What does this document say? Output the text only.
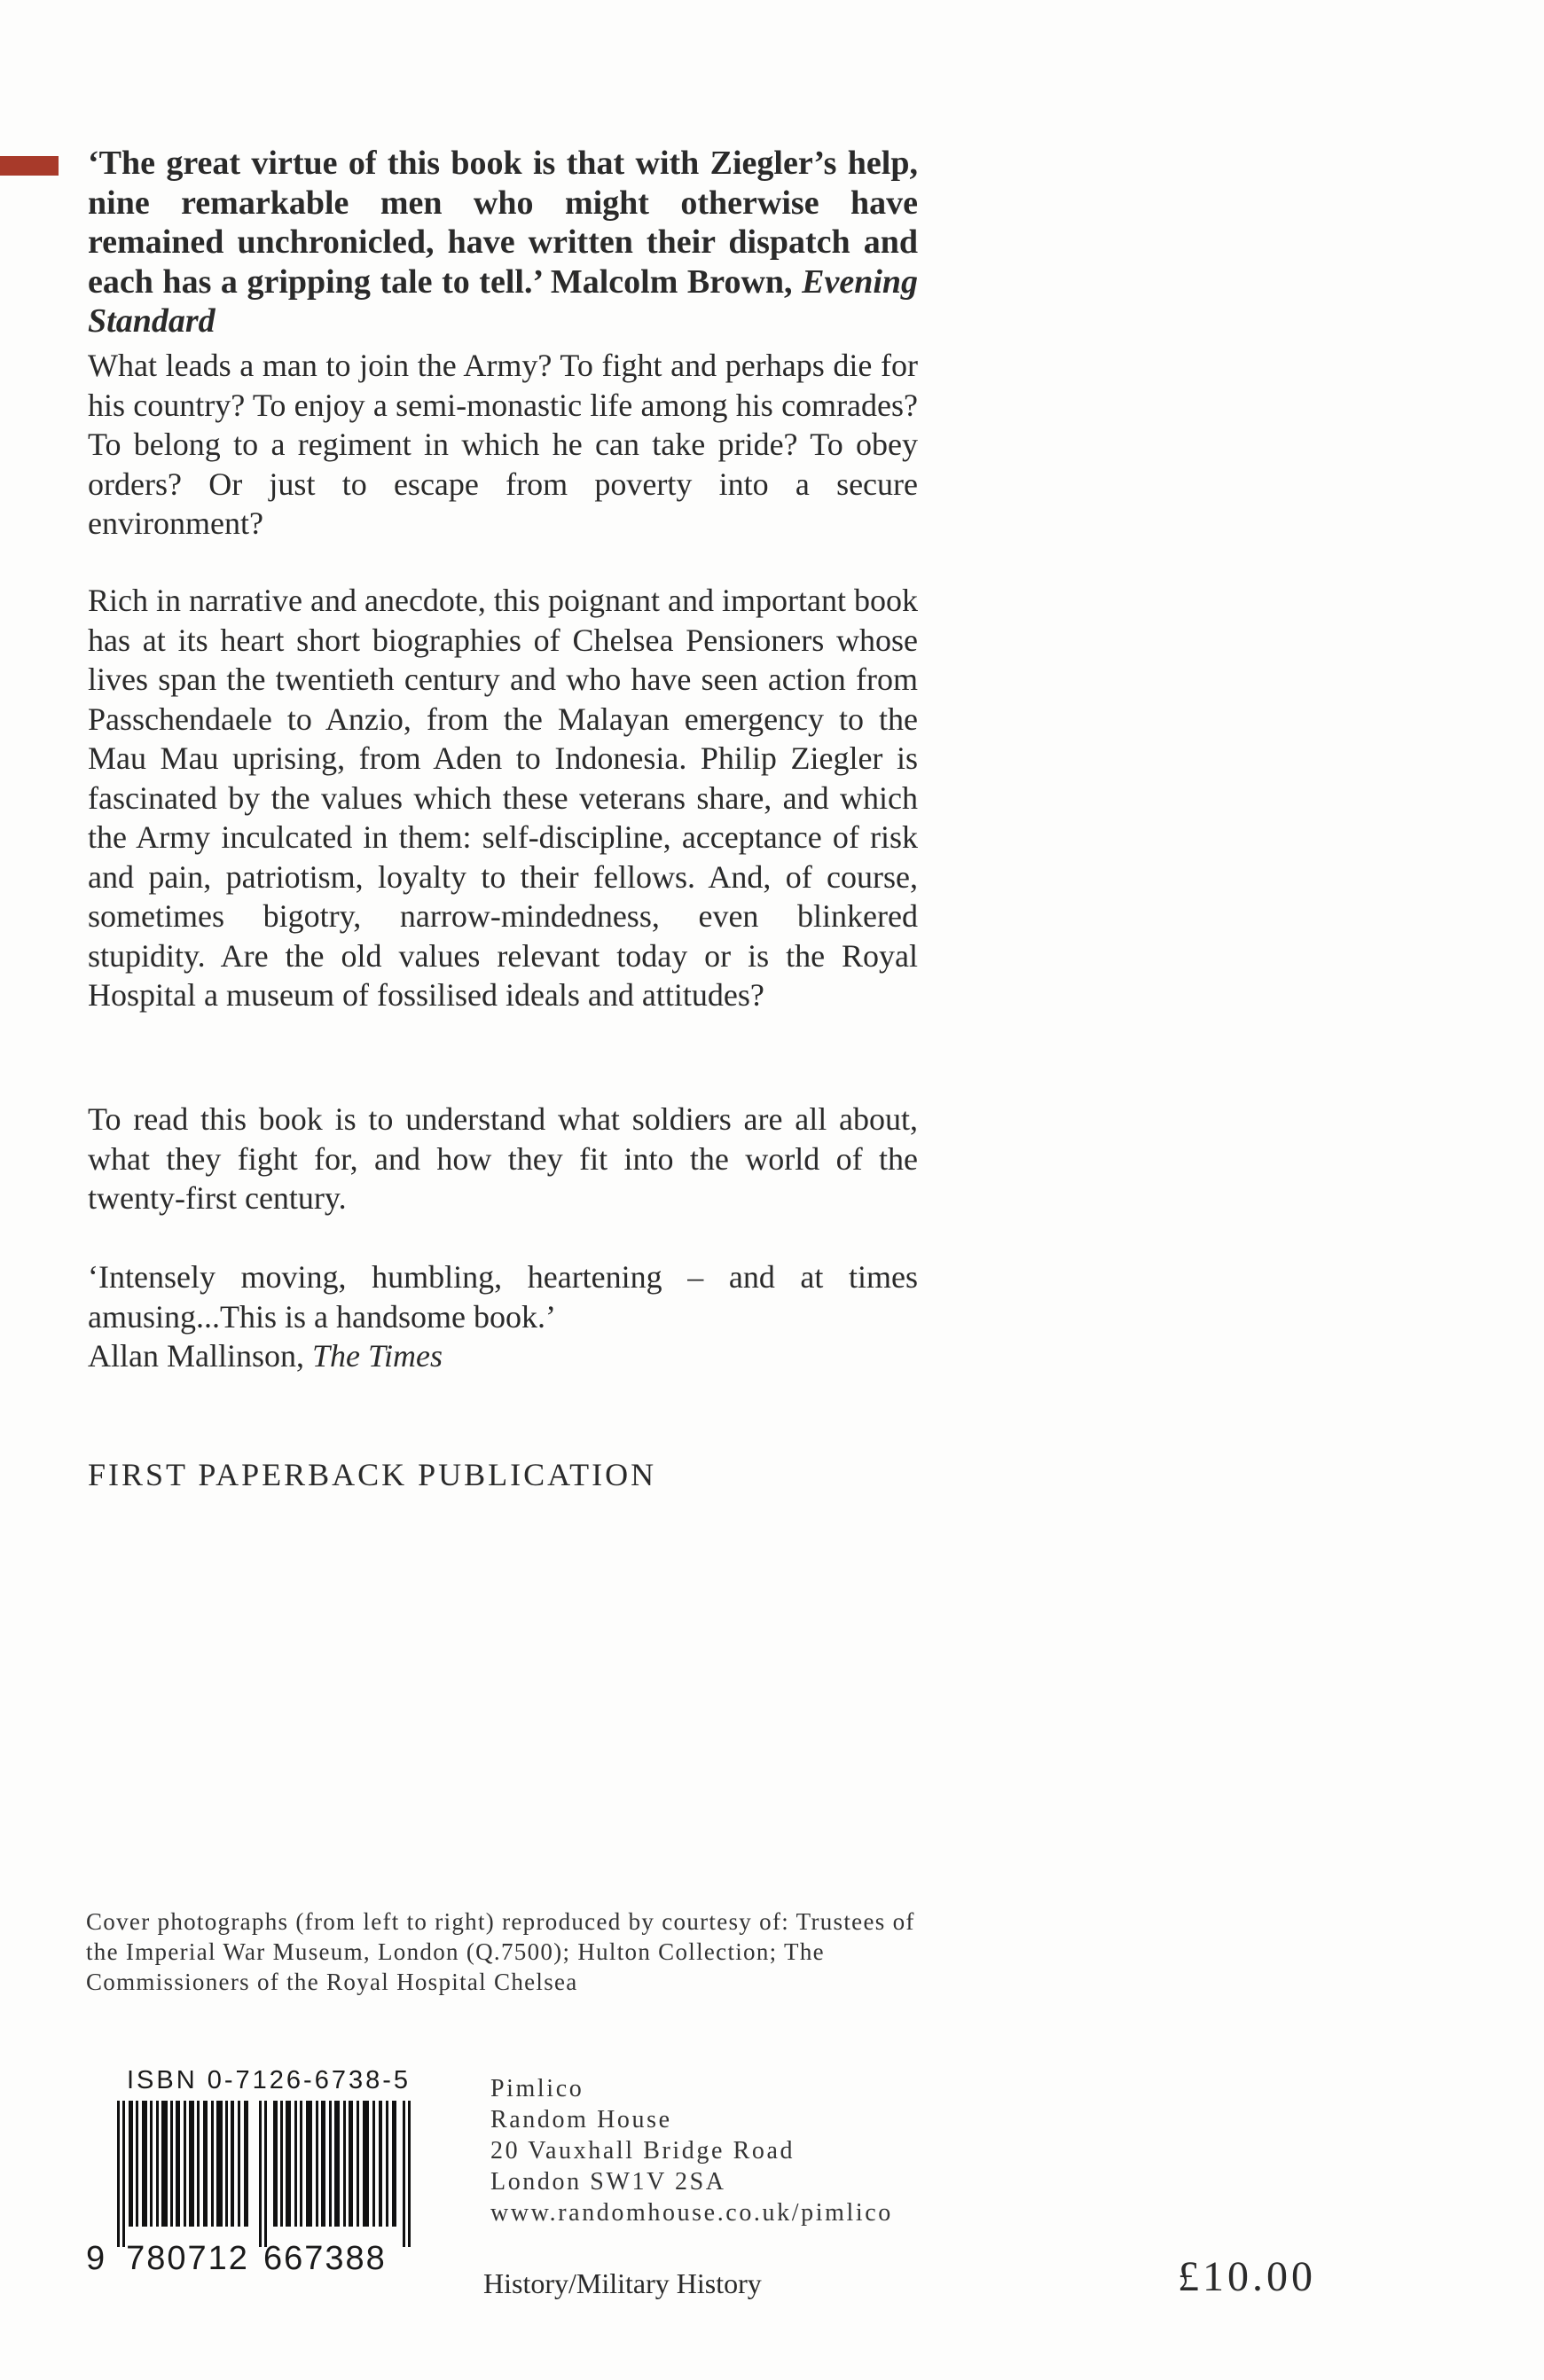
‘The great virtue of this book is that with Ziegler’s help, nine remarkable men who might otherwise have remained unchronicled, have written their dispatch and each has a gripping tale to tell.’ Malcolm Brown, Evening Standard

What leads a man to join the Army? To fight and perhaps die for his country? To enjoy a semi-monastic life among his comrades? To belong to a regiment in which he can take pride? To obey orders? Or just to escape from poverty into a secure environment?

Rich in narrative and anecdote, this poignant and important book has at its heart short biographies of Chelsea Pensioners whose lives span the twentieth century and who have seen action from Passchendaele to Anzio, from the Malayan emergency to the Mau Mau uprising, from Aden to Indonesia. Philip Ziegler is fascinated by the values which these veterans share, and which the Army inculcated in them: self-discipline, acceptance of risk and pain, patriotism, loyalty to their fellows. And, of course, sometimes bigotry, narrow-mindedness, even blinkered stupidity. Are the old values relevant today or is the Royal Hospital a museum of fossilised ideals and attitudes?

To read this book is to understand what soldiers are all about, what they fight for, and how they fit into the world of the twenty-first century.

‘Intensely moving, humbling, heartening – and at times amusing...This is a handsome book.’
Allan Mallinson, The Times

FIRST PAPERBACK PUBLICATION

Cover photographs (from left to right) reproduced by courtesy of: Trustees of the Imperial War Museum, London (Q.7500); Hulton Collection; The Commissioners of the Royal Hospital Chelsea

ISBN 0-7126-6738-5

9 780712 667388
Pimlico
Random House
20 Vauxhall Bridge Road
London SW1V 2SA
www.randomhouse.co.uk/pimlico

History/Military History	£10.00
